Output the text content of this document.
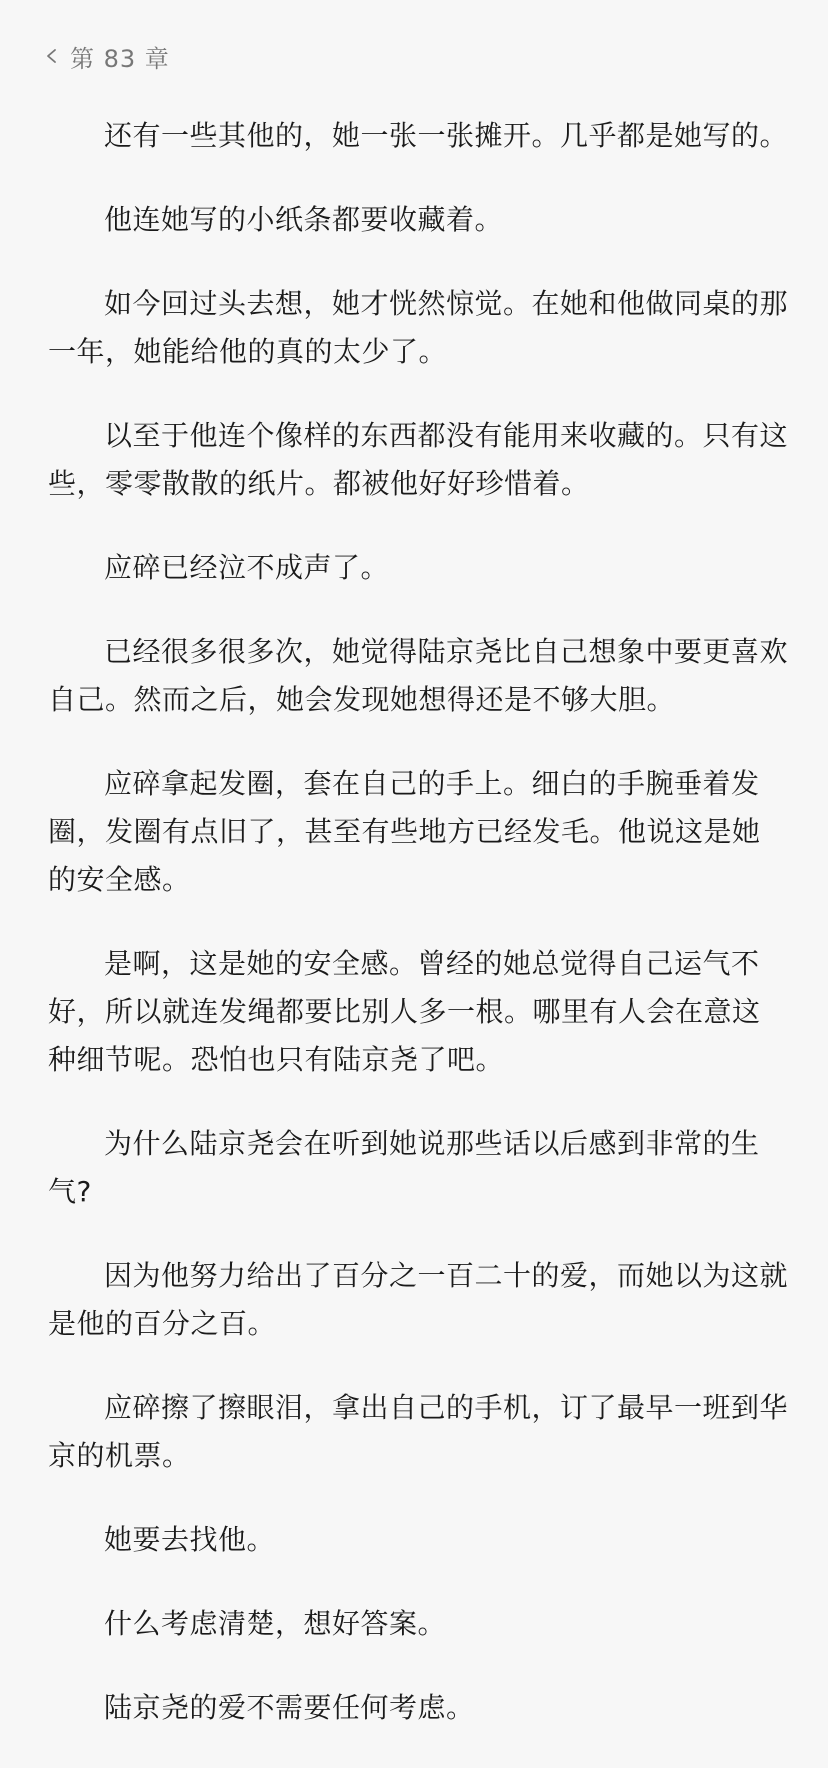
第 83 章

还有一些其他的，她一张一张摊开。几乎都是她写的。

他连她写的小纸条都要收藏着。

如今回过头去想，她才恍然惊觉。在她和他做同桌的那一年，她能给他的真的太少了。

以至于他连个像样的东西都没有能用来收藏的。只有这些，零零散散的纸片。都被他好好珍惜着。

应碎已经泣不成声了。

已经很多很多次，她觉得陆京尧比自己想象中要更喜欢自己。然而之后，她会发现她想得还是不够大胆。

应碎拿起发圈，套在自己的手上。细白的手腕垂着发圈，发圈有点旧了，甚至有些地方已经发毛。他说这是她的安全感。

是啊，这是她的安全感。曾经的她总觉得自己运气不好，所以就连发绳都要比别人多一根。哪里有人会在意这种细节呢。恐怕也只有陆京尧了吧。

为什么陆京尧会在听到她说那些话以后感到非常的生气?

因为他努力给出了百分之一百二十的爱，而她以为这就是他的百分之百。

应碎擦了擦眼泪，拿出自己的手机，订了最早一班到华京的机票。

她要去找他。

什么考虑清楚，想好答案。

陆京尧的爱不需要任何考虑。
